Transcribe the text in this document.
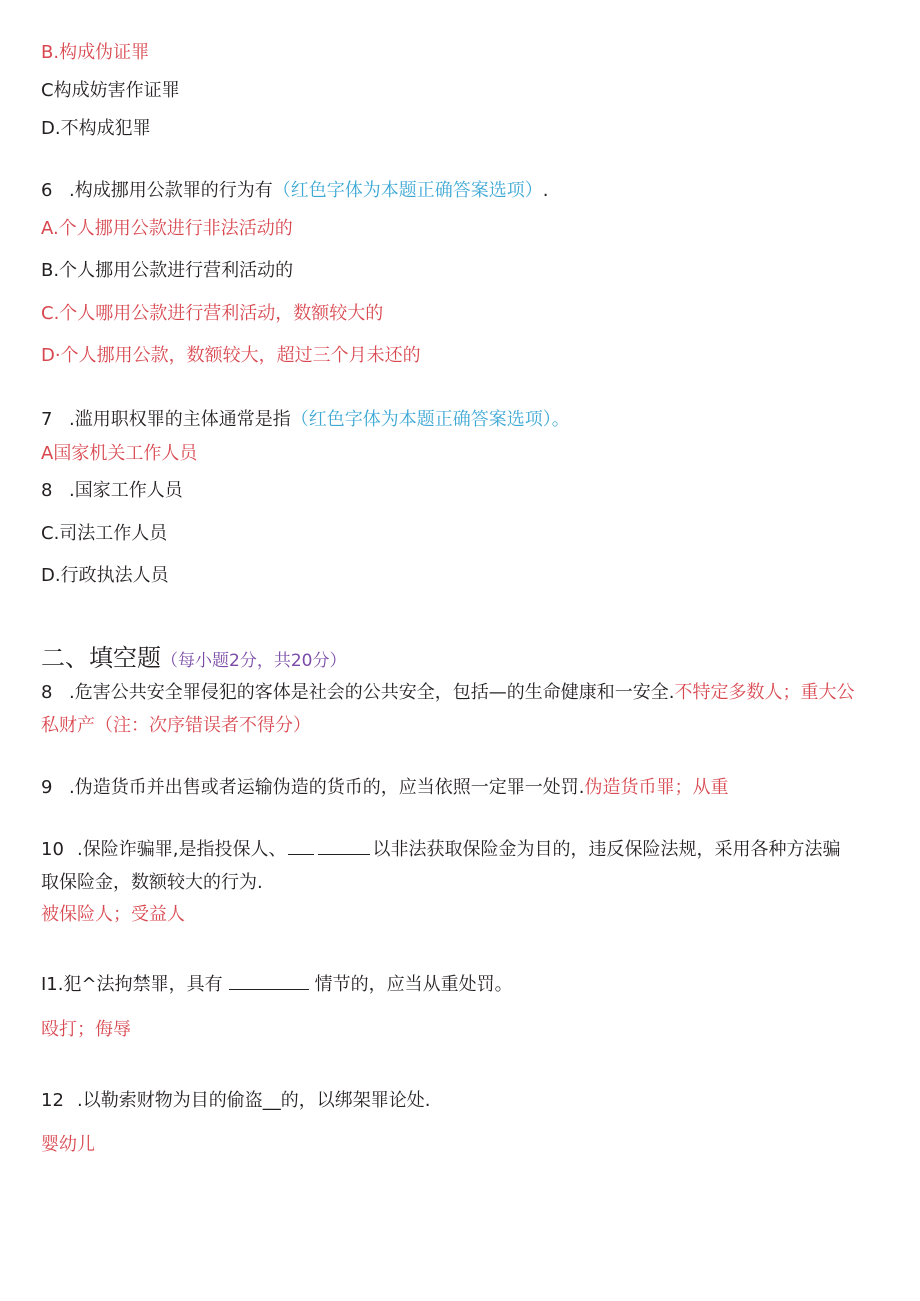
B.构成伪证罪
C构成妨害作证罪
D.不构成犯罪
6 .构成挪用公款罪的行为有（红色字体为本题正确答案选项）.
A.个人挪用公款进行非法活动的
B.个人挪用公款进行营利活动的
C.个人哪用公款进行营利活动，数额较大的
D·个人挪用公款，数额较大，超过三个月未还的
7 .滥用职权罪的主体通常是指（红色字体为本题正确答案选项）。
A国家机关工作人员
8 .国家工作人员
C.司法工作人员
D.行政执法人员
二、填空题（每小题2分，共20分）
8 .危害公共安全罪侵犯的客体是社会的公共安全，包括—的生命健康和一安全.不特定多数人；重大公
私财产（注：次序错误者不得分）
9 .伪造货币并出售或者运输伪造的货币的，应当依照一定罪一处罚.伪造货币罪；从重
10 .保险诈骗罪,是指投保人、	以非法获取保险金为目的，违反保险法规，采用各种方法骗
取保险金，数额较大的行为.
被保险人；受益人
I1.犯^法拘禁罪，具有	情节的，应当从重处罚。
殴打；侮辱
12 .以勒索财物为目的偷盗__的，以绑架罪论处.
婴幼儿
